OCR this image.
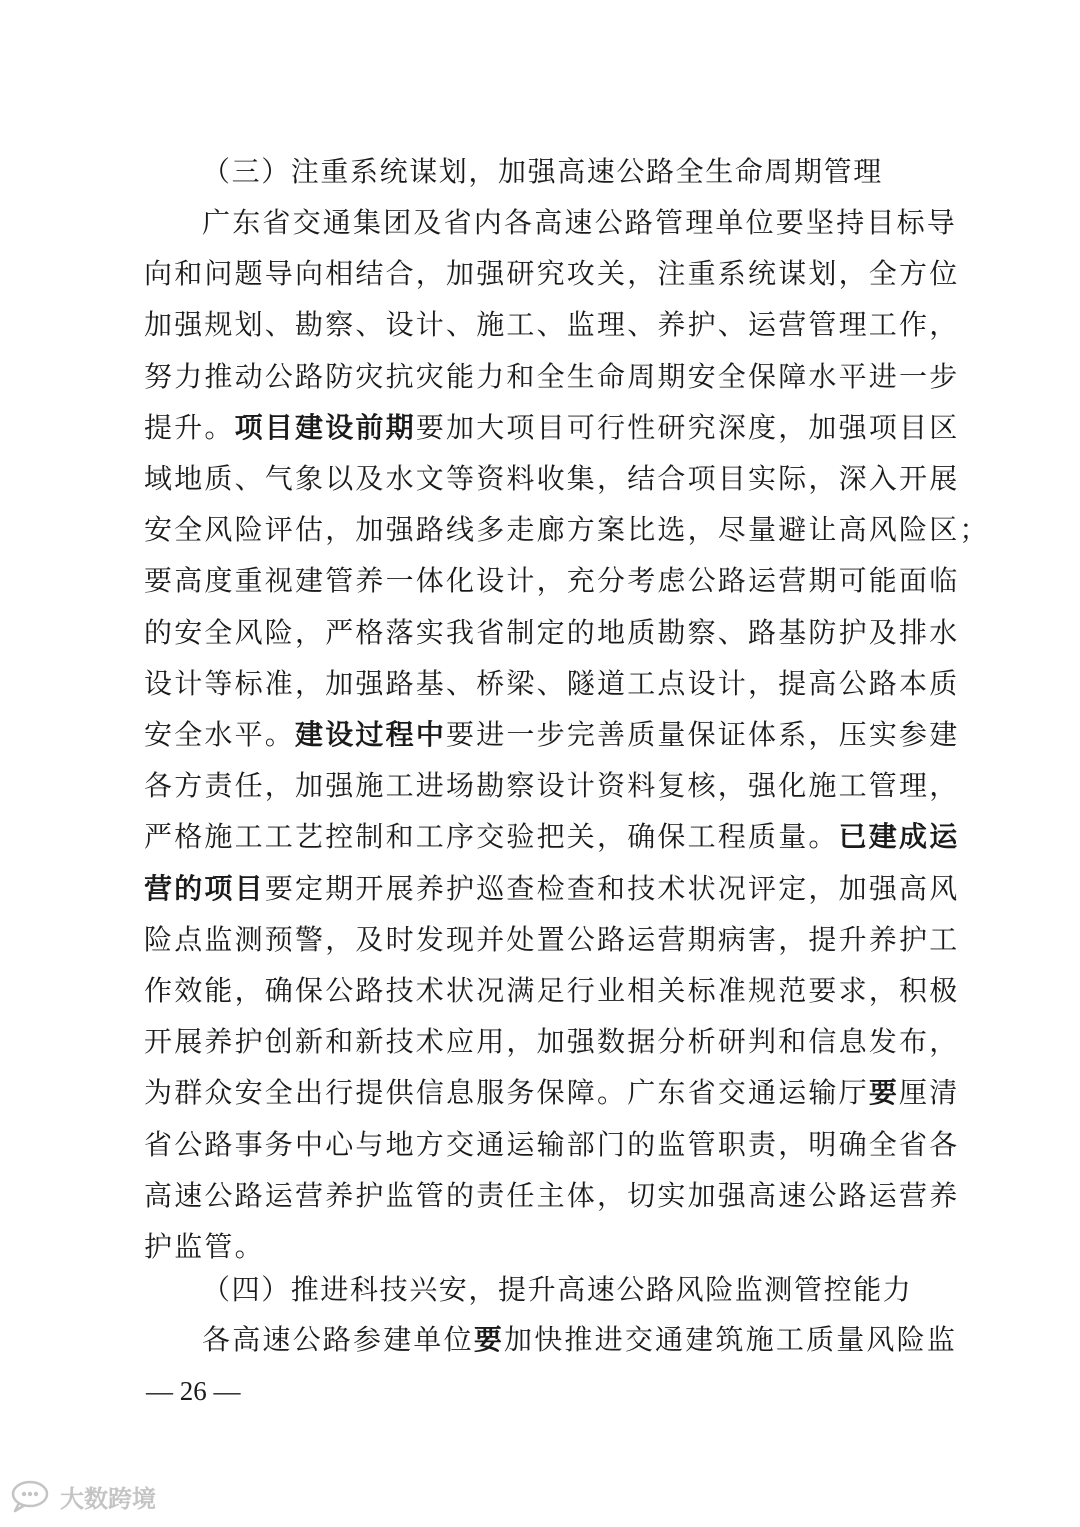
（三）注重系统谋划，加强高速公路全生命周期管理
广东省交通集团及省内各高速公路管理单位要坚持目标导
向和问题导向相结合，加强研究攻关，注重系统谋划，全方位
加强规划、勘察、设计、施工、监理、养护、运营管理工作，
努力推动公路防灾抗灾能力和全生命周期安全保障水平进一步
提升。项目建设前期要加大项目可行性研究深度，加强项目区
域地质、气象以及水文等资料收集，结合项目实际，深入开展
安全风险评估，加强路线多走廊方案比选，尽量避让高风险区；
要高度重视建管养一体化设计，充分考虑公路运营期可能面临
的安全风险，严格落实我省制定的地质勘察、路基防护及排水
设计等标准，加强路基、桥梁、隧道工点设计，提高公路本质
安全水平。建设过程中要进一步完善质量保证体系，压实参建
各方责任，加强施工进场勘察设计资料复核，强化施工管理，
严格施工工艺控制和工序交验把关，确保工程质量。已建成运
营的项目要定期开展养护巡查检查和技术状况评定，加强高风
险点监测预警，及时发现并处置公路运营期病害，提升养护工
作效能，确保公路技术状况满足行业相关标准规范要求，积极
开展养护创新和新技术应用，加强数据分析研判和信息发布，
为群众安全出行提供信息服务保障。广东省交通运输厅要厘清
省公路事务中心与地方交通运输部门的监管职责，明确全省各
高速公路运营养护监管的责任主体，切实加强高速公路运营养
护监管。
（四）推进科技兴安，提升高速公路风险监测管控能力
各高速公路参建单位要加快推进交通建筑施工质量风险监
— 26 —
大数跨境
